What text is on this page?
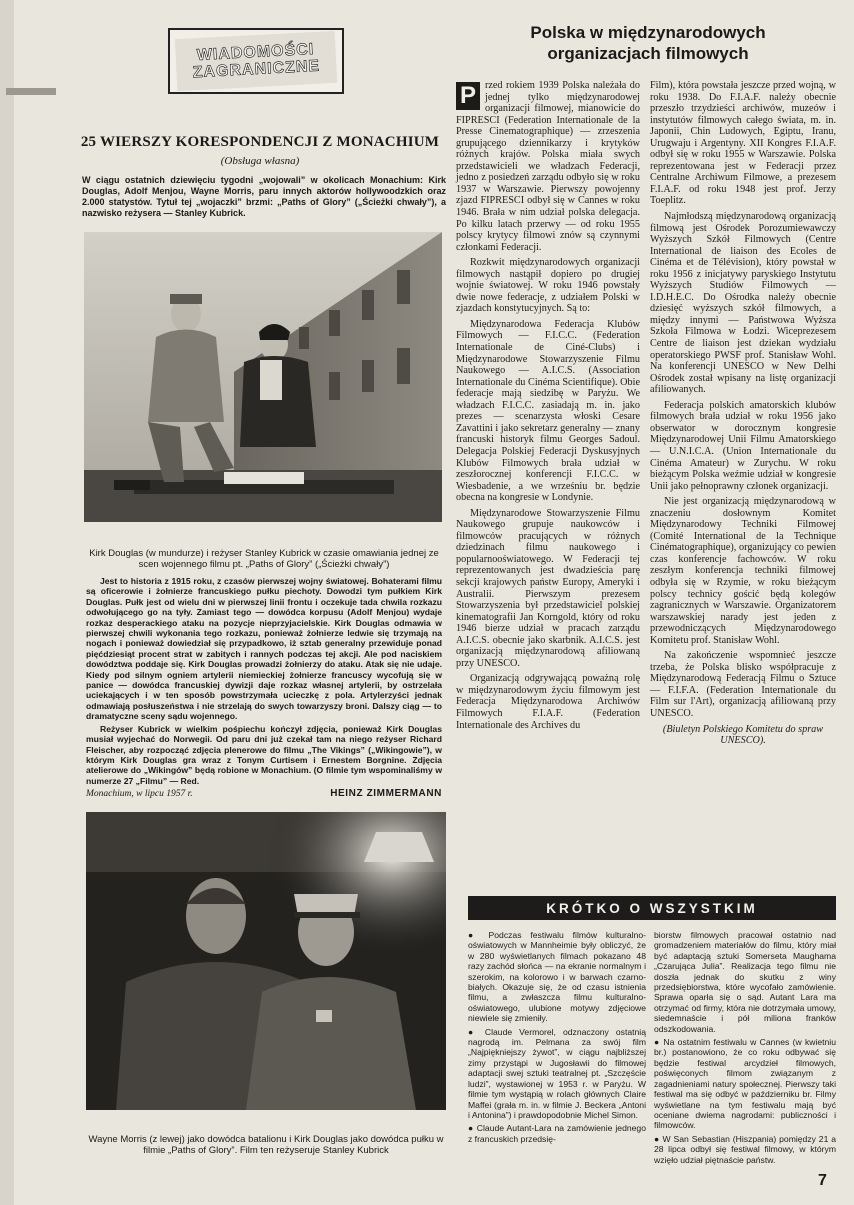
WIADOMOŚCI
ZAGRANICZNE
25 WIERSZY KORESPONDENCJI Z MONACHIUM
(Obsługa własna)
W ciągu ostatnich dziewięciu tygodni „wojowali” w okolicach Monachium: Kirk Douglas, Adolf Menjou, Wayne Morris, paru innych aktorów hollywoodzkich oraz 2.000 statystów. Tytuł tej „wojaczki” brzmi: „Paths of Glory” („Ścieżki chwały”), a nazwisko reżysera — Stanley Kubrick.
Kirk Douglas (w mundurze) i reżyser Stanley Kubrick w czasie omawiania jednej ze scen wojennego filmu pt. „Paths of Glory” („Ścieżki chwały”)

Jest to historia z 1915 roku, z czasów pierwszej wojny światowej. Bohaterami filmu są oficerowie i żołnierze francuskiego pułku piechoty. Dowodzi tym pułkiem Kirk Douglas. Pułk jest od wielu dni w pierwszej linii frontu i oczekuje tada chwila rozkazu odwołującego go na tyły. Zamiast tego — dowódca korpusu (Adolf Menjou) wydaje rozkaz desperackiego ataku na pozycje nieprzyjacielskie. Kirk Douglas odmawia w pierwszej chwili wykonania tego rozkazu, ponieważ żołnierze ledwie się trzymają na nogach i ponieważ dowiedział się przypadkowo, iż sztab generalny przewiduje ponad pięćdziesiąt procent strat w zabitych i rannych podczas tej akcji. Ale pod naciskiem dowództwa poddaje się. Kirk Douglas prowadzi żołnierzy do ataku. Atak się nie udaje. Kiedy pod silnym ogniem artylerii niemieckiej żołnierze francuscy wycofują się w panice — dowódca francuskiej dywizji daje rozkaz własnej artylerii, by ostrzelała uciekających i w ten sposób powstrzymała ucieczkę z pola. Artylerzyści jednak odmawiają posłuszeństwa i nie strzelają do swych towarzyszy broni. Dalszy ciąg — to dramatyczne sceny sądu wojennego.

Reżyser Kubrick w wielkim pośpiechu kończył zdjęcia, ponieważ Kirk Douglas musiał wyjechać do Norwegii. Od paru dni już czekał tam na niego reżyser Richard Fleischer, aby rozpocząć zdjęcia plenerowe do filmu „The Vikings” („Wikingowie”), w którym Kirk Douglas gra wraz z Tonym Curtisem i Ernestem Borgnine. Zdjęcia atelierowe do „Wikingów” będą robione w Monachium. (O filmie tym wspominaliśmy w numerze 27 „Filmu” — Red.

Monachium, w lipcu 1957 r.	HEINZ ZIMMERMANN
Wayne Morris (z lewej) jako dowódca batalionu i Kirk Douglas jako dowódca pułku w filmie „Paths of Glory”. Film ten reżyseruje Stanley Kubrick
Polska w międzynarodowych
organizacjach filmowych

P rzed rokiem 1939 Polska należała do jednej tylko międzynarodowej organizacji filmowej, mianowicie do FIPRESCI (Federation Internationale de la Presse Cinematographique) — zrzeszenia grupującego dziennikarzy i krytyków różnych krajów. Polska miała swych przedstawicieli we władzach Federacji, jedno z posiedzeń zarządu odbyło się w roku 1937 w Warszawie. Pierwszy powojenny zjazd FIPRESCI odbył się w Cannes w roku 1946. Brała w nim udział polska delegacja. Po kilku latach przerwy — od roku 1955 polscy krytycy filmowi znów są czynnymi członkami Federacji.

Rozkwit międzynarodowych organizacji filmowych nastąpił dopiero po drugiej wojnie światowej. W roku 1946 powstały dwie nowe federacje, z udziałem Polski w zjazdach konstytucyjnych. Są to:

Międzynarodowa Federacja Klubów Filmowych — F.I.C.C. (Federation Internationale de Ciné-Clubs) i Międzynarodowe Stowarzyszenie Filmu Naukowego — A.I.C.S. (Association Internationale du Cinéma Scientifique). Obie federacje mają siedzibę w Paryżu. We władzach F.I.C.C. zasiadają m. in. jako prezes — scenarzysta włoski Cesare Zavattini i jako sekretarz generalny — znany francuski historyk filmu Georges Sadoul. Delegacja Polskiej Federacji Dyskusyjnych Klubów Filmowych brała udział w zeszłorocznej konferencji F.I.C.C. w Wiesbadenie, a we wrześniu br. będzie obecna na kongresie w Londynie.

Międzynarodowe Stowarzyszenie Filmu Naukowego grupuje naukowców i filmowców pracujących w różnych dziedzinach filmu naukowego i popularnooświatowego. W Federacji tej reprezentowanych jest dwadzieścia parę sekcji krajowych państw Europy, Ameryki i Australii. Pierwszym prezesem Stowarzyszenia był przedstawiciel polskiej kinematografii Jan Korngold, który od roku 1946 bierze udział w pracach zarządu A.I.C.S. obecnie jako skarbnik. A.I.C.S. jest organizacją międzynarodową afiliowaną przy UNESCO.

Organizacją odgrywającą poważną rolę w międzynarodowym życiu filmowym jest Federacja Międzynarodowa Archiwów Filmowych F.I.A.F. (Federation Internationale des Archives du

Film), która powstała jeszcze przed wojną, w roku 1938. Do F.I.A.F. należy obecnie przeszło trzydzieści archiwów, muzeów i instytutów filmowych całego świata, m. in. Japonii, Chin Ludowych, Egiptu, Iranu, Urugwaju i Argentyny. XII Kongres F.I.A.F. odbył się w roku 1955 w Warszawie. Polska reprezentowana jest w Federacji przez Centralne Archiwum Filmowe, a prezesem F.I.A.F. od roku 1948 jest prof. Jerzy Toeplitz.

Najmłodszą międzynarodową organizacją filmową jest Ośrodek Porozumiewawczy Wyższych Szkół Filmowych (Centre International de liaison des Ecoles de Cinéma et de Télévision), który powstał w roku 1956 z inicjatywy paryskiego Instytutu Wyższych Studiów Filmowych — I.D.H.E.C. Do Ośrodka należy obecnie dziesięć wyższych szkół filmowych, a między innymi — Państwowa Wyższa Szkoła Filmowa w Łodzi. Wiceprezesem Centre de liaison jest dziekan wydziału operatorskiego PWSF prof. Stanisław Wohl. Na konferencji UNESCO w New Delhi Ośrodek został wpisany na listę organizacji afiliowanych.

Federacja polskich amatorskich klubów filmowych brała udział w roku 1956 jako obserwator w dorocznym kongresie Międzynarodowej Unii Filmu Amatorskiego — U.N.I.C.A. (Union Internationale du Cinéma Amateur) w Zurychu. W roku bieżącym Polska weźmie udział w kongresie Unii jako pełnoprawny członek organizacji.

Nie jest organizacją międzynarodową w znaczeniu dosłownym Komitet Międzynarodowy Techniki Filmowej (Comité International de la Technique Cinématographique), organizujący co pewien czas konferencje fachowców. W roku zeszłym konferencja techniki filmowej odbyła się w Rzymie, w roku bieżącym polscy technicy gościć będą kolegów zagranicznych w Warszawie. Organizatorem warszawskiej narady jest jeden z przewodniczących Międzynarodowego Komitetu prof. Stanisław Wohl.

Na zakończenie wspomnieć jeszcze trzeba, że Polska blisko współpracuje z Międzynarodową Federacją Filmu o Sztuce — F.I.F.A. (Federation Internationale du Film sur l'Art), organizacją afiliowaną przy UNESCO.

(Biuletyn Polskiego Komitetu do spraw UNESCO).

KRÓTKO O WSZYSTKIM

● Podczas festiwalu filmów kulturalno-oświatowych w Mannheimie były obliczyć, że w 280 wyświetlanych filmach pokazano 48 razy zachód słońca — na ekranie normalnym i szerokim, na kolorowo i w barwach czarno-białych. Okazuje się, że od czasu istnienia filmu, a zwłaszcza filmu kulturalno-oświatowego, ulubione motywy zdjęciowe niewiele się zmieniły.

● Claude Vermorel, odznaczony ostatnią nagrodą im. Pelmana za swój film „Najpiękniejszy żywot”, w ciągu najbliższej zimy przystąpi w Jugosławii do filmowej adaptacji swej sztuki teatralnej pt. „Szczęście ludzi”, wystawionej w 1953 r. w Paryżu. W filmie tym wystąpią w rolach głównych Claire Maffei (grała m. in. w filmie J. Beckera „Antoni i Antonina”) i prawdopodobnie Michel Simon.

● Claude Autant-Lara na zamówienie jednego z francuskich przedsię-

biorstw filmowych pracował ostatnio nad gromadzeniem materiałów do filmu, który miał być adaptacją sztuki Somerseta Maughama „Czarująca Julia”. Realizacja tego filmu nie doszła jednak do skutku z winy przedsiębiorstwa, które wycofało zamówienie. Sprawa oparła się o sąd. Autant Lara ma otrzymać od firmy, która nie dotrzymała umowy, siedemnaście i pół miliona franków odszkodowania.

● Na ostatnim festiwalu w Cannes (w kwietniu br.) postanowiono, że co roku odbywać się będzie festiwal arcydzieł filmowych, poświęconych filmom związanym z zagadnieniami natury społecznej. Pierwszy taki festiwal ma się odbyć w październiku br. Filmy wyświetlane na tym festiwalu mają być oceniane dwiema nagrodami: publiczności i filmowców.

● W San Sebastian (Hiszpania) pomiędzy 21 a 28 lipca odbył się festiwal filmowy, w którym wzięło udział piętnaście państw.

7
